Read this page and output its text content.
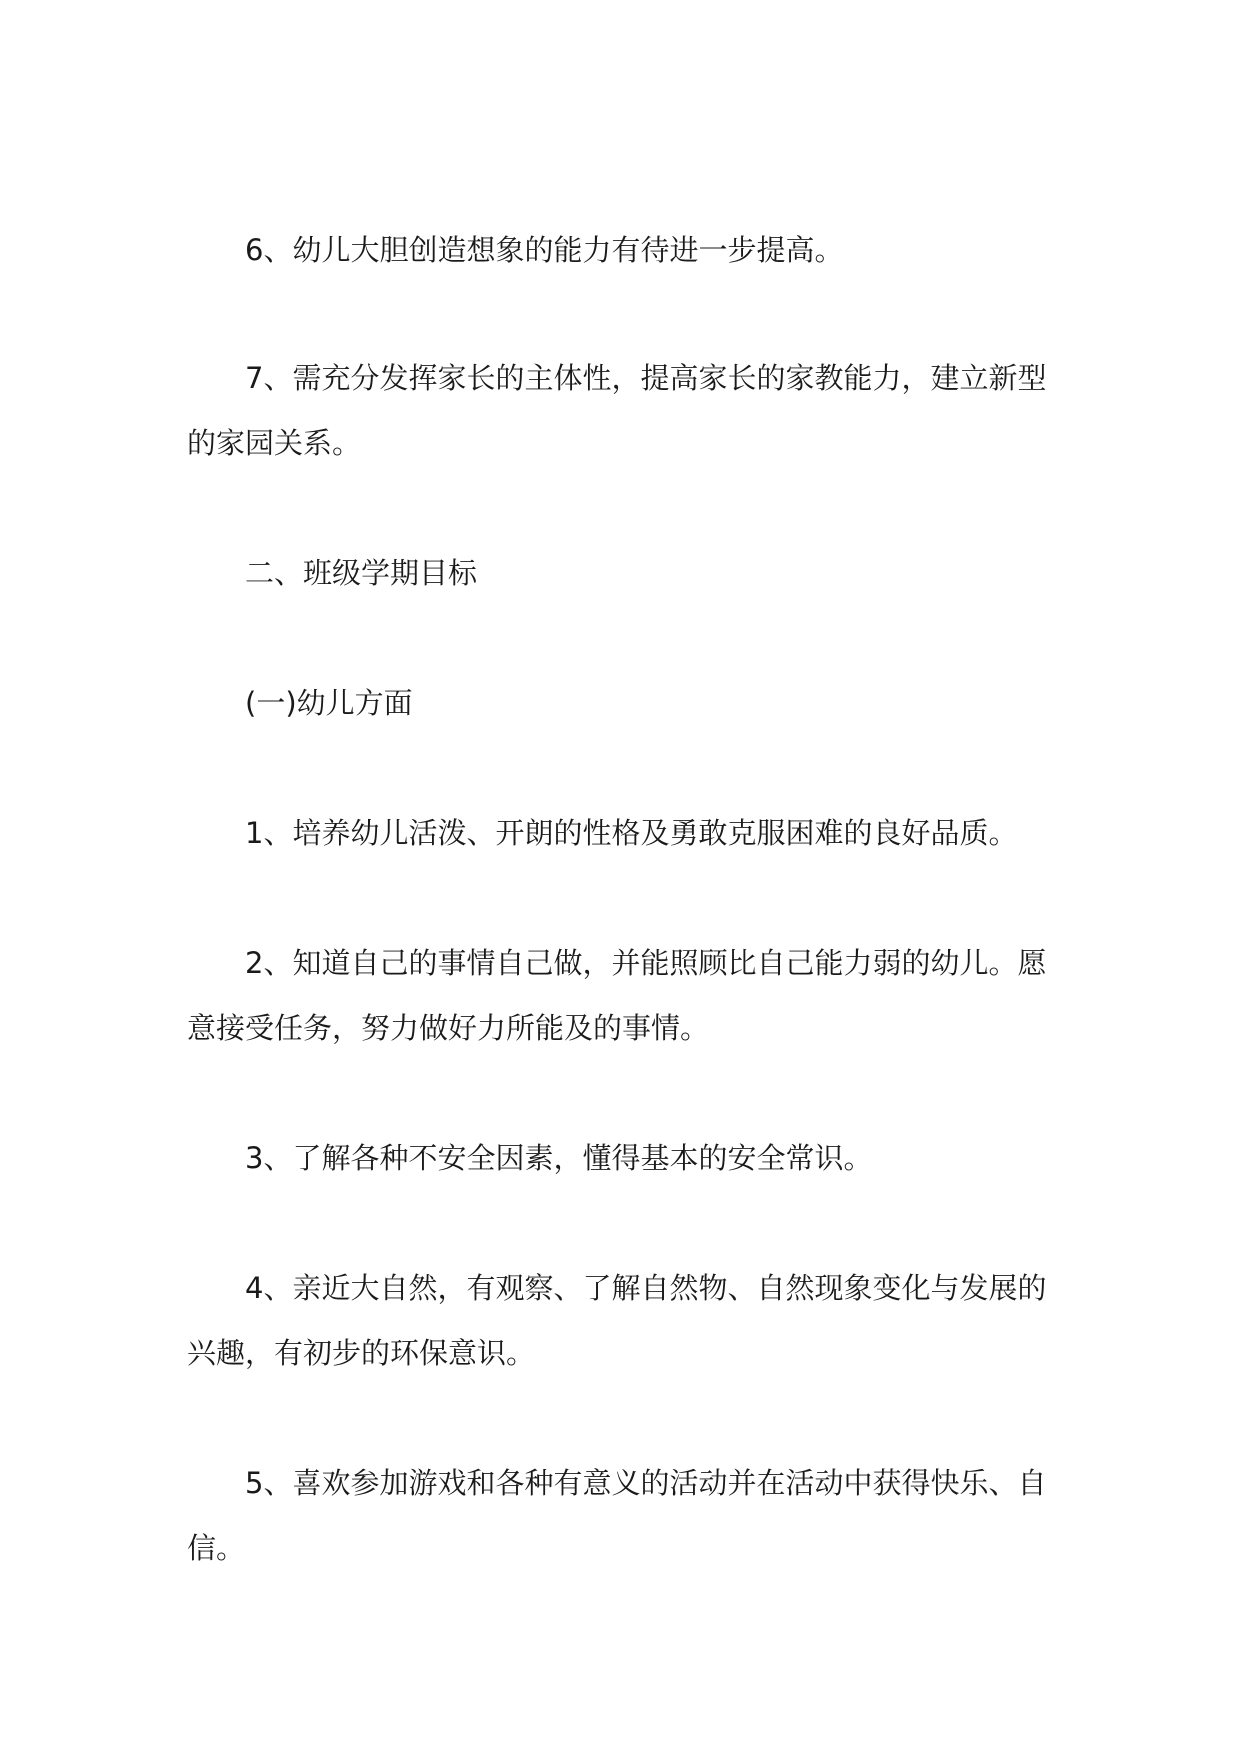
6、幼儿大胆创造想象的能力有待进一步提高。

7、需充分发挥家长的主体性，提高家长的家教能力，建立新型的家园关系。

二、班级学期目标

(一)幼儿方面

1、培养幼儿活泼、开朗的性格及勇敢克服困难的良好品质。

2、知道自己的事情自己做，并能照顾比自己能力弱的幼儿。愿意接受任务，努力做好力所能及的事情。

3、了解各种不安全因素，懂得基本的安全常识。

4、亲近大自然，有观察、了解自然物、自然现象变化与发展的兴趣，有初步的环保意识。

5、喜欢参加游戏和各种有意义的活动并在活动中获得快乐、自信。
